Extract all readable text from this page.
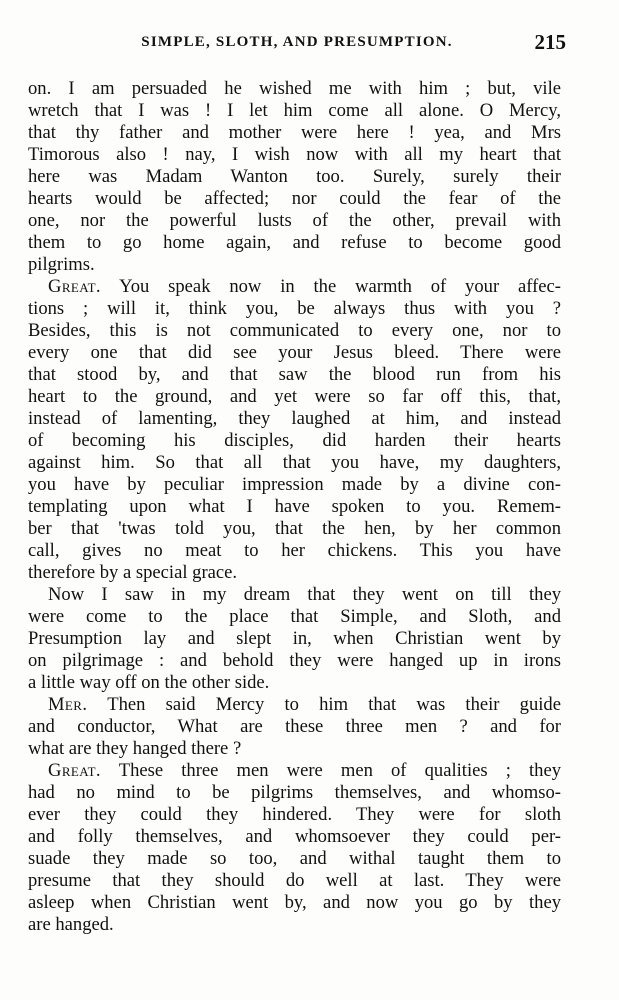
SIMPLE, SLOTH, AND PRESUMPTION.	215

on. I am persuaded he wished me with him ; but, vile
wretch that I was ! I let him come all alone. O Mercy,
that thy father and mother were here ! yea, and Mrs
Timorous also ! nay, I wish now with all my heart that
here was Madam Wanton too. Surely, surely their
hearts would be affected; nor could the fear of the
one, nor the powerful lusts of the other, prevail with
them to go home again, and refuse to become good
pilgrims.

Great. You speak now in the warmth of your affec-
tions ; will it, think you, be always thus with you ?
Besides, this is not communicated to every one, nor to
every one that did see your Jesus bleed. There were
that stood by, and that saw the blood run from his
heart to the ground, and yet were so far off this, that,
instead of lamenting, they laughed at him, and instead
of becoming his disciples, did harden their hearts
against him. So that all that you have, my daughters,
you have by peculiar impression made by a divine con-
templating upon what I have spoken to you. Remem-
ber that 'twas told you, that the hen, by her common
call, gives no meat to her chickens. This you have
therefore by a special grace.

Now I saw in my dream that they went on till they
were come to the place that Simple, and Sloth, and
Presumption lay and slept in, when Christian went by
on pilgrimage : and behold they were hanged up in irons
a little way off on the other side.

Mer. Then said Mercy to him that was their guide
and conductor, What are these three men ? and for
what are they hanged there ?

Great. These three men were men of qualities ; they
had no mind to be pilgrims themselves, and whomso-
ever they could they hindered. They were for sloth
and folly themselves, and whomsoever they could per-
suade they made so too, and withal taught them to
presume that they should do well at last. They were
asleep when Christian went by, and now you go by they
are hanged.
